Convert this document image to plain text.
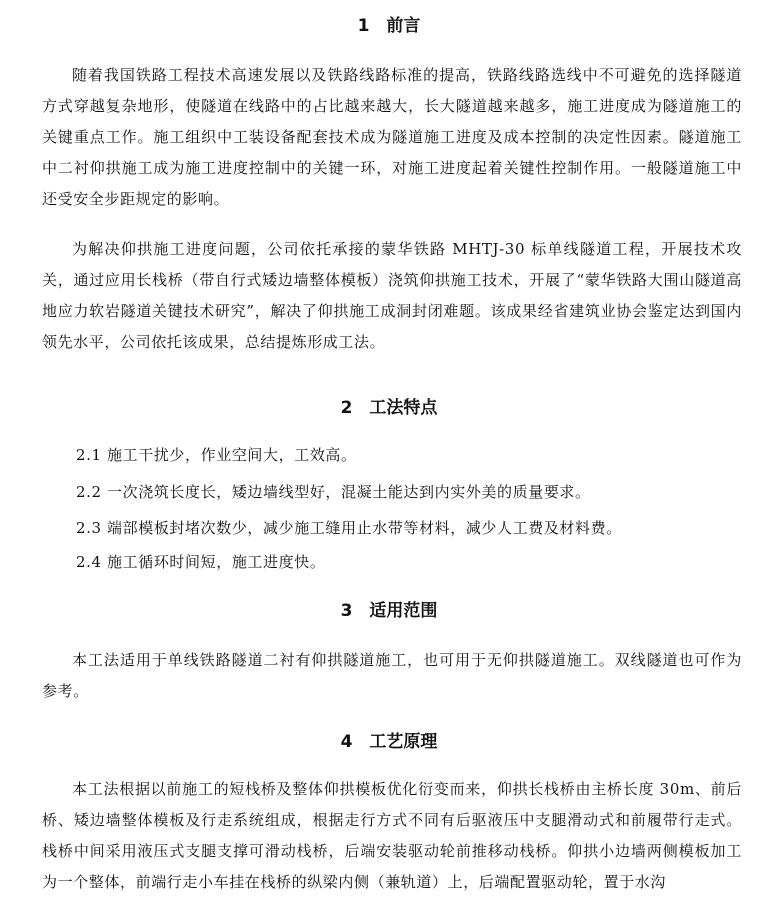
1　前言

随着我国铁路工程技术高速发展以及铁路线路标准的提高，铁路线路选线中不可避免的选择隧道方式穿越复杂地形，使隧道在线路中的占比越来越大，长大隧道越来越多，施工进度成为隧道施工的关键重点工作。施工组织中工装设备配套技术成为隧道施工进度及成本控制的决定性因素。隧道施工中二衬仰拱施工成为施工进度控制中的关键一环，对施工进度起着关键性控制作用。一般隧道施工中还受安全步距规定的影响。

为解决仰拱施工进度问题，公司依托承接的蒙华铁路 MHTJ-30 标单线隧道工程，开展技术攻关，通过应用长栈桥（带自行式矮边墙整体模板）浇筑仰拱施工技术，开展了“蒙华铁路大围山隧道高地应力软岩隧道关键技术研究”，解决了仰拱施工成洞封闭难题。该成果经省建筑业协会鉴定达到国内领先水平，公司依托该成果，总结提炼形成工法。

2　工法特点

2.1 施工干扰少，作业空间大，工效高。

2.2 一次浇筑长度长，矮边墙线型好，混凝土能达到内实外美的质量要求。

2.3 端部模板封堵次数少，减少施工缝用止水带等材料，减少人工费及材料费。

2.4 施工循环时间短，施工进度快。

3　适用范围

本工法适用于单线铁路隧道二衬有仰拱隧道施工，也可用于无仰拱隧道施工。双线隧道也可作为参考。

4　工艺原理

本工法根据以前施工的短栈桥及整体仰拱模板优化衍变而来，仰拱长栈桥由主桥长度 30m、前后桥、矮边墙整体模板及行走系统组成，根据走行方式不同有后驱液压中支腿滑动式和前履带行走式。栈桥中间采用液压式支腿支撑可滑动栈桥，后端安装驱动轮前推移动栈桥。仰拱小边墙两侧模板加工为一个整体，前端行走小车挂在栈桥的纵梁内侧（兼轨道）上，后端配置驱动轮，置于水沟
